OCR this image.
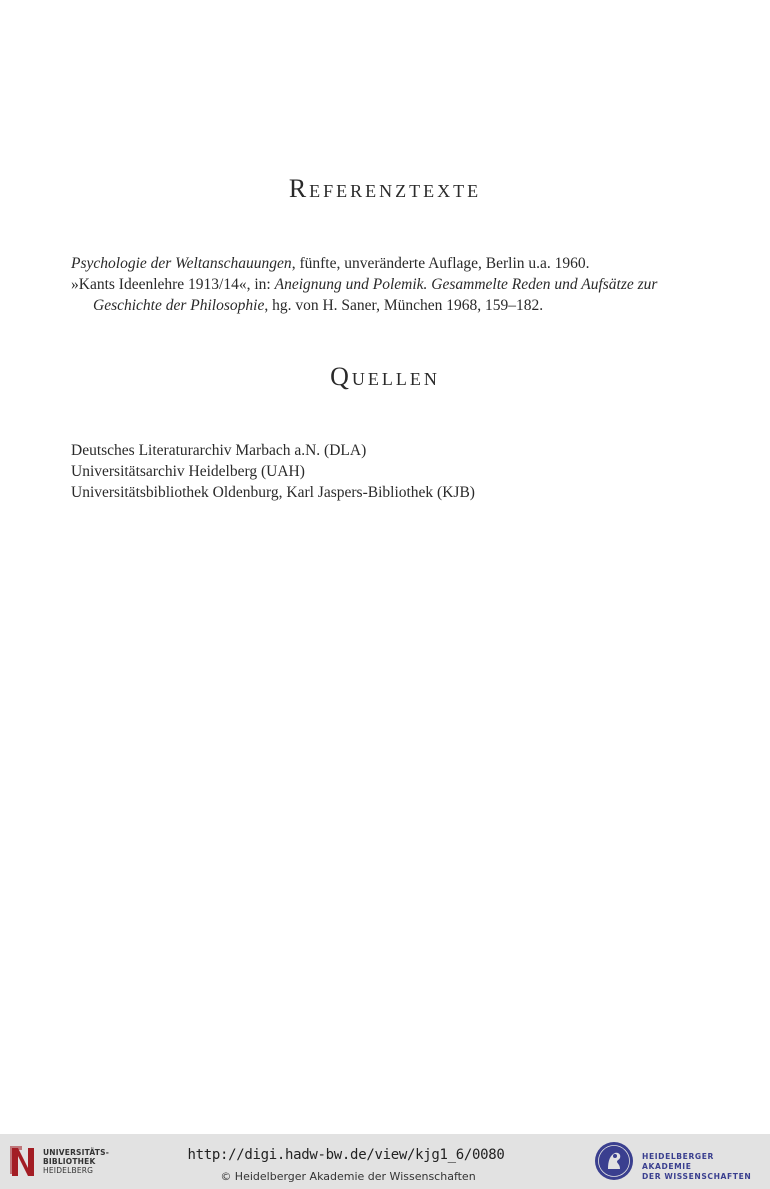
Referenztexte

Psychologie der Weltanschauungen, fünfte, unveränderte Auflage, Berlin u.a. 1960.

»Kants Ideenlehre 1913/14«, in: Aneignung und Polemik. Gesammelte Reden und Aufsätze zur Geschichte der Philosophie, hg. von H. Saner, München 1968, 159–182.

Quellen

Deutsches Literaturarchiv Marbach a.N. (DLA)

Universitätsarchiv Heidelberg (UAH)

Universitätsbibliothek Oldenburg, Karl Jaspers-Bibliothek (KJB)

UNIVERSITÄTS-
BIBLIOTHEK
HEIDELBERG
http://digi.hadw-bw.de/view/kjg1_6/0080
© Heidelberger Akademie der Wissenschaften
HEIDELBERGER AKADEMIE
DER WISSENSCHAFTEN
